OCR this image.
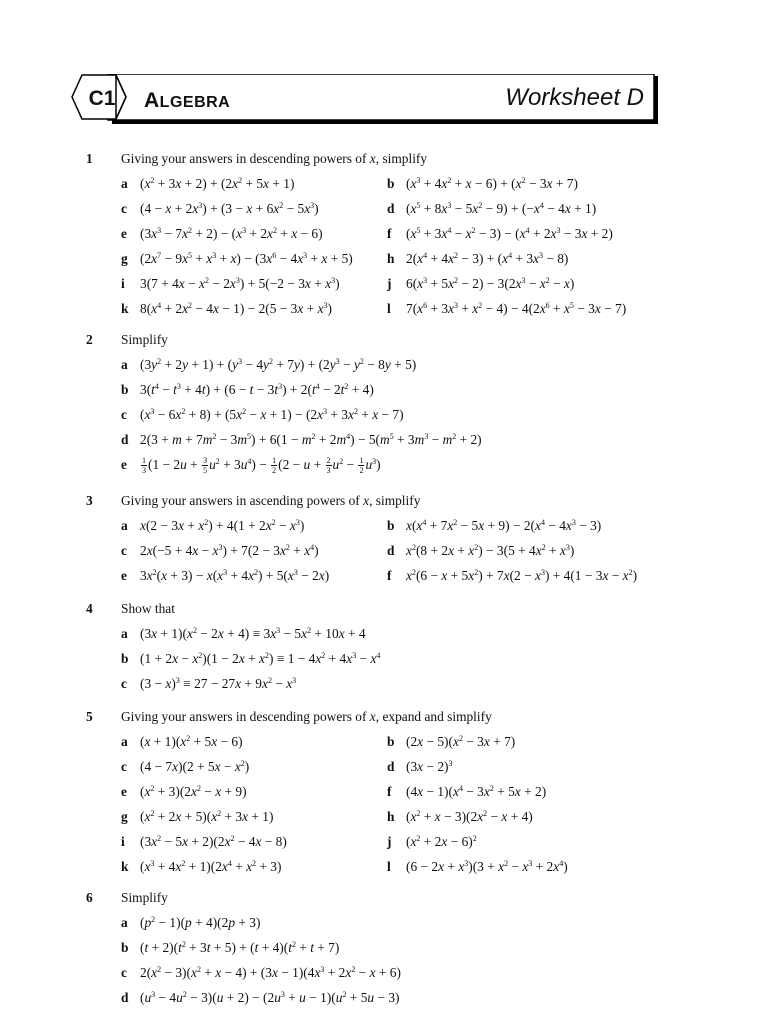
C1	ALGEBRA	Worksheet D
1 Giving your answers in descending powers of x, simplify
a $(x^2 + 3x + 2) + (2x^2 + 5x + 1)$	b $(x^3 + 4x^2 + x - 6) + (x^2 - 3x + 7)$
c $(4 - x + 2x^3) + (3 - x + 6x^2 - 5x^3)$	d $(x^5 + 8x^3 - 5x^2 - 9) + (-x^4 - 4x + 1)$
e $(3x^3 - 7x^2 + 2) - (x^3 + 2x^2 + x - 6)$	f $(x^5 + 3x^4 - x^2 - 3) - (x^4 + 2x^3 - 3x + 2)$
g $(2x^7 - 9x^5 + x^3 + x) - (3x^6 - 4x^3 + x + 5)$	h $2(x^4 + 4x^2 - 3) + (x^4 + 3x^3 - 8)$
i $3(7 + 4x - x^2 - 2x^3) + 5(-2 - 3x + x^3)$	j $6(x^3 + 5x^2 - 2) - 3(2x^3 - x^2 - x)$
k $8(x^4 + 2x^2 - 4x - 1) - 2(5 - 3x + x^3)$	l $7(x^6 + 3x^3 + x^2 - 4) - 4(2x^6 + x^5 - 3x - 7)$
2 Simplify
a $(3y^2 + 2y + 1) + (y^3 - 4y^2 + 7y) + (2y^3 - y^2 - 8y + 5)$
b $3(t^4 - t^3 + 4t) + (6 - t - 3t^3) + 2(t^4 - 2t^2 + 4)$
c $(x^3 - 6x^2 + 8) + (5x^2 - x + 1) - (2x^3 + 3x^2 + x - 7)$
d $2(3 + m + 7m^2 - 3m^5) + 6(1 - m^2 + 2m^4) - 5(m^5 + 3m^3 - m^2 + 2)$
e $\frac{1}{3} (1 - 2u + \frac{3}{5} u^2 + 3u^4) - \frac{1}{2} (2 - u + \frac{2}{3} u^2 - \frac{1}{2} u^3)$
3 Giving your answers in ascending powers of x, simplify
a $x(2 - 3x + x^2) + 4(1 + 2x^2 - x^3)$	b $x(x^4 + 7x^2 - 5x + 9) - 2(x^4 - 4x^3 - 3)$
c $2x(-5 + 4x - x^3) + 7(2 - 3x^2 + x^4)$	d $x^2(8 + 2x + x^2) - 3(5 + 4x^2 + x^3)$
e $3x^2(x + 3) - x(x^3 + 4x^2) + 5(x^3 - 2x)$	f $x^2(6 - x + 5x^2) + 7x(2 - x^3) + 4(1 - 3x - x^2)$
4 Show that
a $(3x + 1)(x^2 - 2x + 4) \equiv 3x^3 - 5x^2 + 10x + 4$
b $(1 + 2x - x^2)(1 - 2x + x^2) \equiv 1 - 4x^2 + 4x^3 - x^4$
c $(3 - x)^3 \equiv 27 - 27x + 9x^2 - x^3$
5 Giving your answers in descending powers of x, expand and simplify
a $(x + 1)(x^2 + 5x - 6)$	b $(2x - 5)(x^2 - 3x + 7)$
c $(4 - 7x)(2 + 5x - x^2)$	d $(3x - 2)^3$
e $(x^2 + 3)(2x^2 - x + 9)$	f $(4x - 1)(x^4 - 3x^2 + 5x + 2)$
g $(x^2 + 2x + 5)(x^2 + 3x + 1)$	h $(x^2 + x - 3)(2x^2 - x + 4)$
i $(3x^2 - 5x + 2)(2x^2 - 4x - 8)$	j $(x^2 + 2x - 6)^2$
k $(x^3 + 4x^2 + 1)(2x^4 + x^2 + 3)$	l $(6 - 2x + x^3)(3 + x^2 - x^3 + 2x^4)$
6 Simplify
a $(p^2 - 1)(p + 4)(2p + 3)$
b $(t + 2)(t^2 + 3t + 5) + (t + 4)(t^2 + t + 7)$
c $2(x^2 - 3)(x^2 + x - 4) + (3x - 1)(4x^3 + 2x^2 - x + 6)$
d $(u^3 - 4u^2 - 3)(u + 2) - (2u^3 + u - 1)(u^2 + 5u - 3)$
